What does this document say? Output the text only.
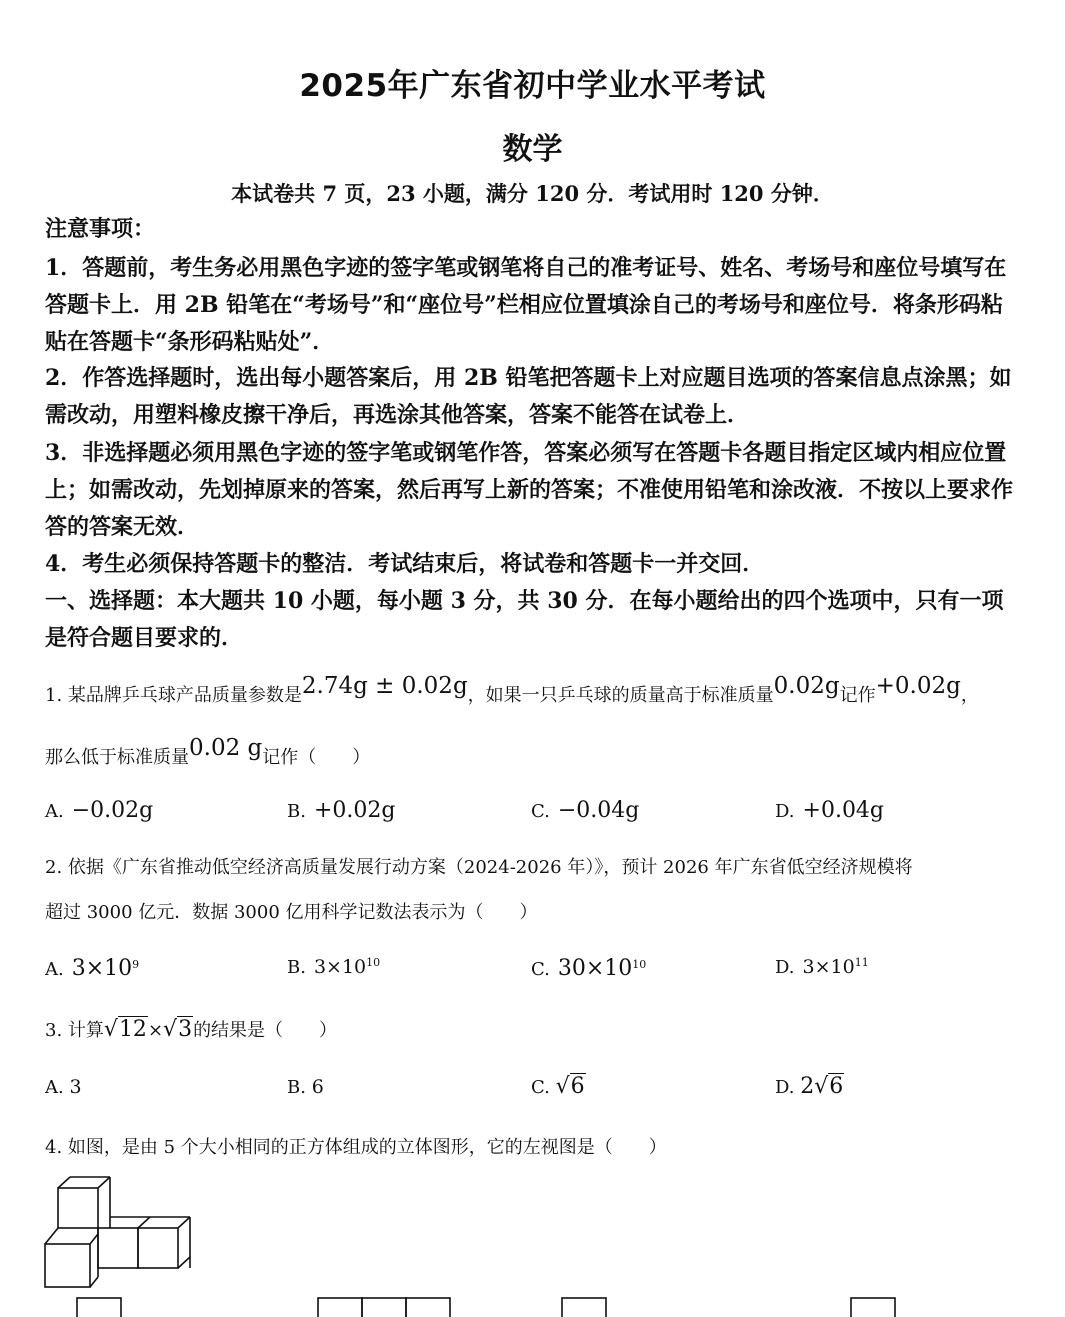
2025年广东省初中学业水平考试
数学
本试卷共 7 页，23 小题，满分 120 分．考试用时 120 分钟．
注意事项：
1．答题前，考生务必用黑色字迹的签字笔或钢笔将自己的准考证号、姓名、考场号和座位号填写在答题卡上．用 2B 铅笔在“考场号”和“座位号”栏相应位置填涂自己的考场号和座位号．将条形码粘贴在答题卡“条形码粘贴处”．
2．作答选择题时，选出每小题答案后，用 2B 铅笔把答题卡上对应题目选项的答案信息点涂黑；如需改动，用塑料橡皮擦干净后，再选涂其他答案，答案不能答在试卷上．
3．非选择题必须用黑色字迹的签字笔或钢笔作答，答案必须写在答题卡各题目指定区域内相应位置上；如需改动，先划掉原来的答案，然后再写上新的答案；不准使用铅笔和涂改液．不按以上要求作答的答案无效．
4．考生必须保持答题卡的整洁．考试结束后，将试卷和答题卡一并交回．
一、选择题：本大题共 10 小题，每小题 3 分，共 30 分．在每小题给出的四个选项中，只有一项是符合题目要求的．
1. 某品牌乒乓球产品质量参数是2.74g ± 0.02g，如果一只乒乓球的质量高于标准质量0.02g记作+0.02g，
那么低于标准质量0.02 g记作（　　）
A. −0.02g	B. +0.02g	C. −0.04g	D. +0.04g
2. 依据《广东省推动低空经济高质量发展行动方案（2024-2026 年）》，预计 2026 年广东省低空经济规模将
超过 3000 亿元．数据 3000 亿用科学记数法表示为（　　）
A. $3\times 10^9$	B. $3\times 10^{10}$	C. $30\times 10^{10}$	D. $3\times 10^{11}$
3. 计算√12×√3的结果是（　　）
A. 3	B. 6	C. √6	D. 2√6
4. 如图，是由 5 个大小相同的正方体组成的立体图形，它的左视图是（　　）
